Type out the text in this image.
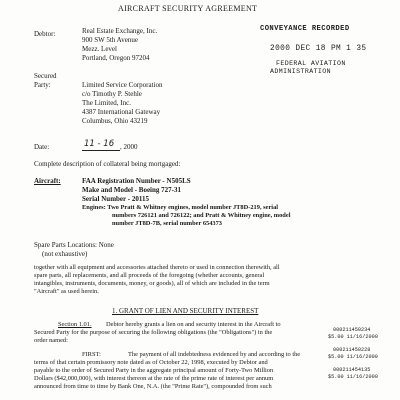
AIRCRAFT SECURITY AGREEMENT
CONVEYANCE RECORDED
2000 DEC 18 PM 1 35
FEDERAL AVIATION
ADMINISTRATION
Debtor:	Real Estate Exchange, Inc.
900 SW 5th Avenue
Mezz. Level
Portland, Oregon 97204
Secured
Party:	Limited Service Corporation
c/o Timothy P. Stehle
The Limited, Inc.
4387 International Gateway
Columbus, Ohio 43219
Date:	11 - 16 , 2000
Complete description of collateral being mortgaged:
Aircraft:	FAA Registration Number - N505LS
Make and Model - Boeing 727-31
Serial Number - 20115
Engines: Two Pratt & Whitney engines, model number JT8D-219, serial
numbers 726121 and 726122; and Pratt & Whitney engine, model
number JT8D-7B, serial number 654373
Spare Parts Locations: None
(not exhaustive)
together with all equipment and accessories attached thereto or used in connection therewith, all
spare parts, all replacements, and all proceeds of the foregoing (whether accounts, general
intangibles, instruments, documents, money, or goods), all of which are included in the term
"Aircraft" as used herein.
1. GRANT OF LIEN AND SECURITY INTEREST
Section 1.01. Debtor hereby grants a lien on and security interest in the Aircraft to
Secured Party for the purpose of securing the following obligations (the "Obligations") in the
order named:
FIRST:	The payment of all indebtedness evidenced by and according to the
terms of that certain promissory note dated as of October 22, 1998, executed by Debtor and
payable to the order of Secured Party in the aggregate principal amount of Forty-Two Million
Dollars ($42,000,000), with interest thereon at the rate of the prime rate of interest per annum
announced from time to time by Bank One, N.A. (the "Prime Rate"), compounded from such
000211450234
$5.00 11/16/2000
000211450228
$5.00 11/16/2000
000211454135
$5.00 11/16/2000
